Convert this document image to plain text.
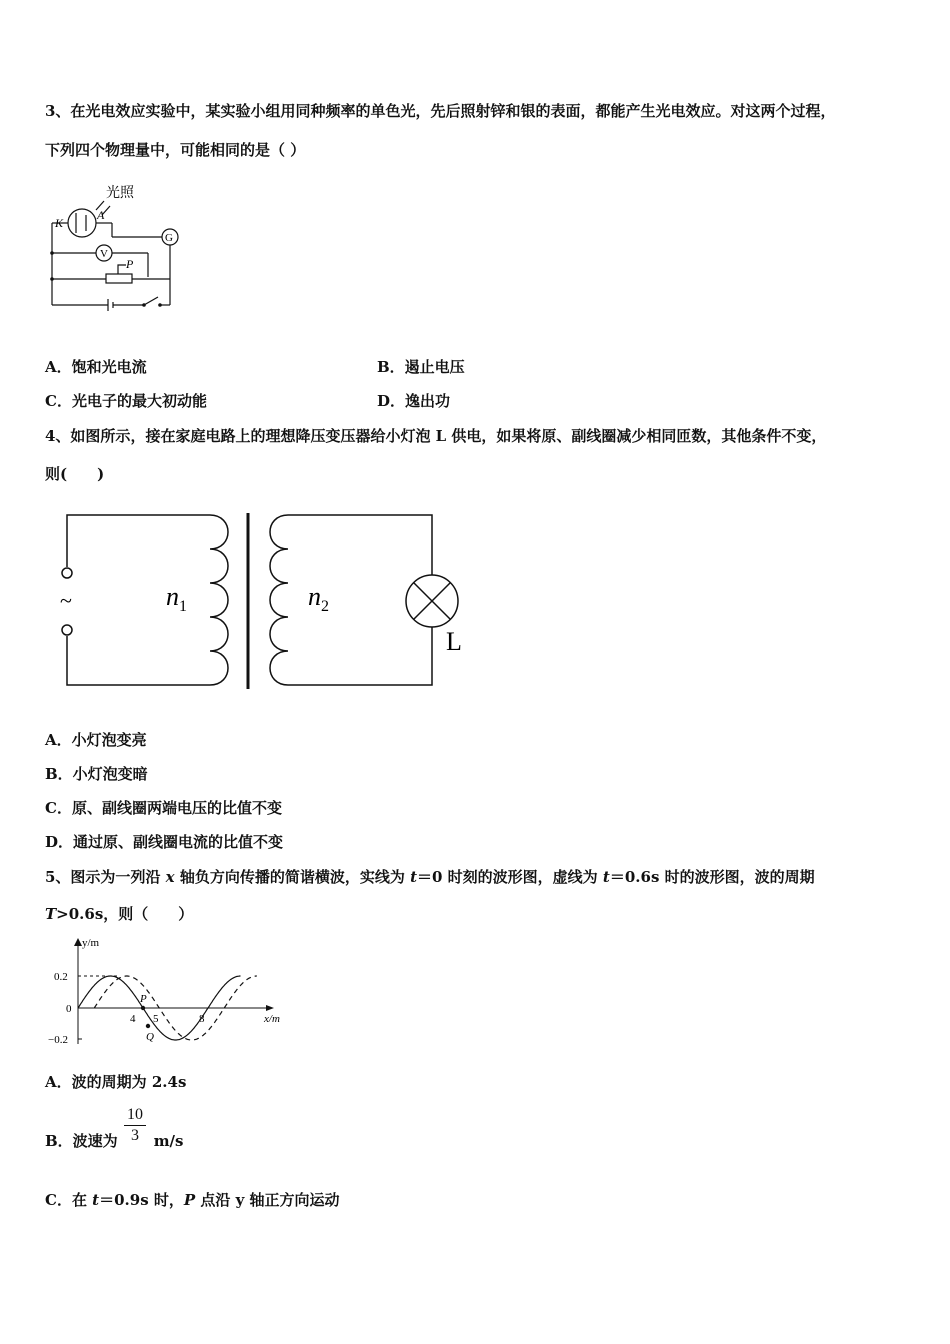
3、在光电效应实验中，某实验小组用同种频率的单色光，先后照射锌和银的表面，都能产生光电效应。对这两个过程，
下列四个物理量中，可能相同的是（ ）
光照
K
A
G
V
P
A．饱和光电流	B．遏止电压
C．光电子的最大初动能	D．逸出功
4、如图所示，接在家庭电路上的理想降压变压器给小灯泡 L 供电，如果将原、副线圈减少相同匝数，其他条件不变，
则(　　)
~	$n_1$	$n_2$
L
A．小灯泡变亮
B．小灯泡变暗
C．原、副线圈两端电压的比值不变
D．通过原、副线圈电流的比值不变
5、图示为一列沿 x 轴负方向传播的简谐横波，实线为 t＝0 时刻的波形图，虚线为 t＝0.6s 时的波形图，波的周期
T>0.6s，则（　　）
y/m
x/m
0.2
0
−0.2
4 5	8
P
Q
A．波的周期为 2.4s
B．波速为 m/s
10
3
C．在 t＝0.9s 时，P 点沿 y 轴正方向运动
